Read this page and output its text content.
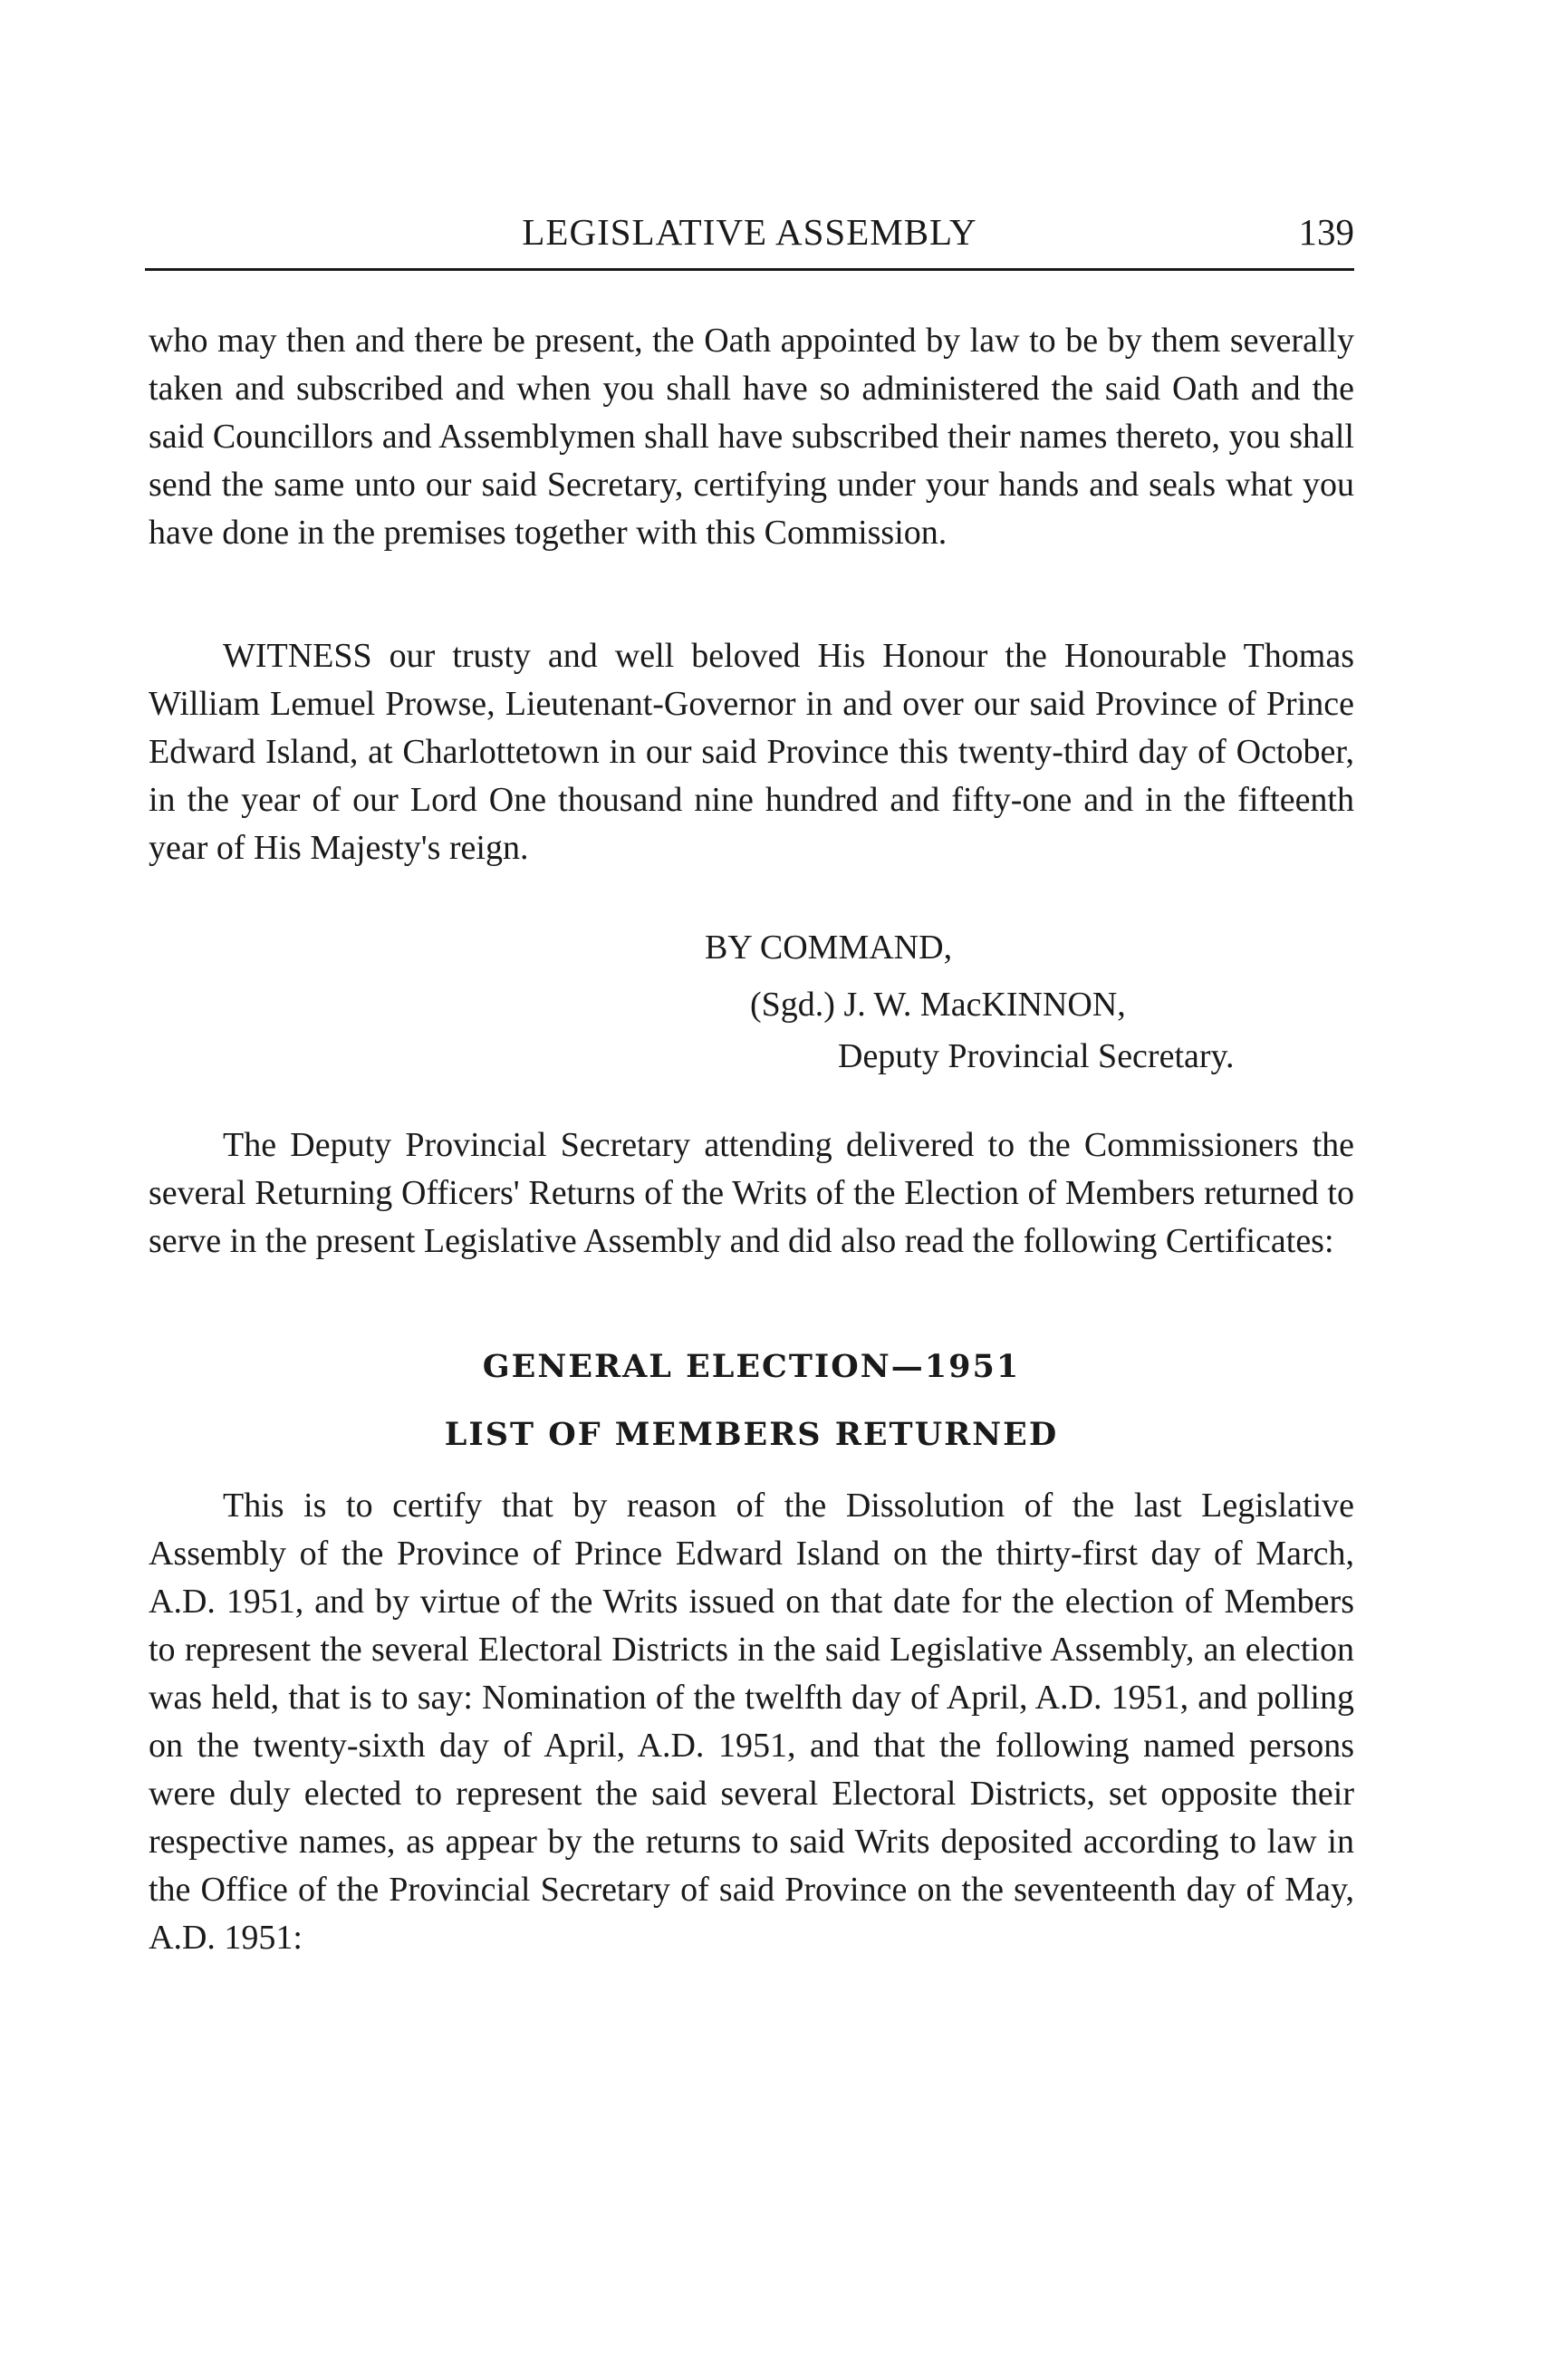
LEGISLATIVE ASSEMBLY	139

who may then and there be present, the Oath appointed by law to be by them severally taken and subscribed and when you shall have so administered the said Oath and the said Councillors and Assemblymen shall have subscribed their names thereto, you shall send the same unto our said Secretary, certifying under your hands and seals what you have done in the premises together with this Commission.

WITNESS our trusty and well beloved His Honour the Honourable Thomas William Lemuel Prowse, Lieutenant-Governor in and over our said Province of Prince Edward Island, at Charlottetown in our said Province this twenty-third day of October, in the year of our Lord One thousand nine hundred and fifty-one and in the fifteenth year of His Majesty's reign.

BY COMMAND,
(Sgd.) J. W. MacKINNON,
Deputy Provincial Secretary.

The Deputy Provincial Secretary attending delivered to the Commissioners the several Returning Officers' Returns of the Writs of the Election of Members returned to serve in the present Legislative Assembly and did also read the following Certificates:

GENERAL ELECTION—1951
LIST OF MEMBERS RETURNED

This is to certify that by reason of the Dissolution of the last Legislative Assembly of the Province of Prince Edward Island on the thirty-first day of March, A.D. 1951, and by virtue of the Writs issued on that date for the election of Members to represent the several Electoral Districts in the said Legislative Assembly, an election was held, that is to say: Nomination of the twelfth day of April, A.D. 1951, and polling on the twenty-sixth day of April, A.D. 1951, and that the following named persons were duly elected to represent the said several Electoral Districts, set opposite their respective names, as appear by the returns to said Writs deposited according to law in the Office of the Provincial Secretary of said Province on the seventeenth day of May, A.D. 1951:
